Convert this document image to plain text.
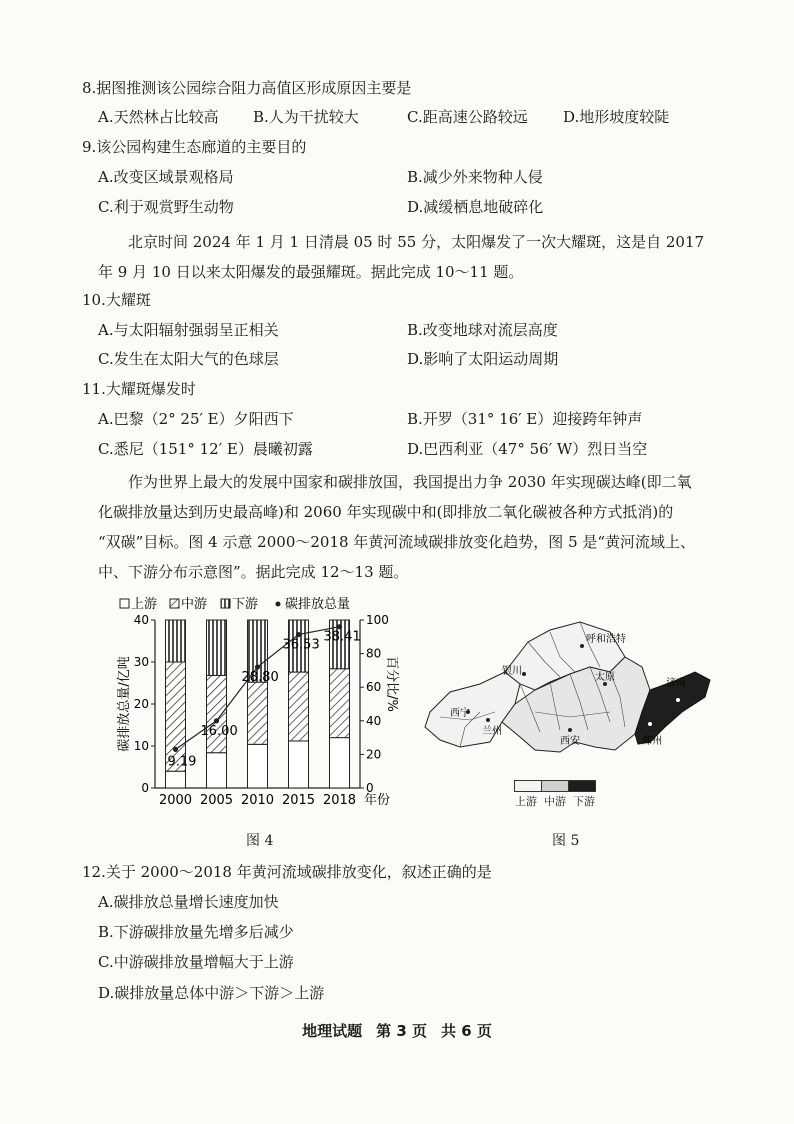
8.据图推测该公园综合阻力高值区形成原因主要是
A.天然林占比较高 B.人为干扰较大	C.距高速公路较远 D.地形坡度较陡
9.该公园构建生态廊道的主要目的
A.改变区域景观格局	B.减少外来物种人侵
C.利于观赏野生动物	D.减缓栖息地破碎化
北京时间 2024 年 1 月 1 日清晨 05 时 55 分，太阳爆发了一次大耀斑，这是自 2017
年 9 月 10 日以来太阳爆发的最强耀斑。据此完成 10～11 题。
10.大耀斑
A.与太阳辐射强弱呈正相关	B.改变地球对流层高度
C.发生在太阳大气的色球层	D.影响了太阳运动周期
11.大耀斑爆发时
A.巴黎（2° 25′ E）夕阳西下	B.开罗（31° 16′ E）迎接跨年钟声
C.悉尼（151° 12′ E）晨曦初露	D.巴西利亚（47° 56′ W）烈日当空
作为世界上最大的发展中国家和碳排放国，我国提出力争 2030 年实现碳达峰(即二氧
化碳排放量达到历史最高峰)和 2060 年实现碳中和(即排放二氧化碳被各种方式抵消)的
“双碳”目标。图 4 示意 2000～2018 年黄河流域碳排放变化趋势，图 5 是“黄河流域上、
中、下游分布示意图”。据此完成 12～13 题。
上游 中游 下游 碳排放总量
0
10
20
30
40
0
20
40
60
80
100
碳排放总量/亿吨	百分比/%
2000 2005 2010 2015 2018 年份
9.19
16.00
28.80
36.53
38.41
图 4
呼和浩特
银川
太原
济南
西宁
兰州
西安	郑州
上游 中游 下游
图 5
12.关于 2000～2018 年黄河流域碳排放变化，叙述正确的是
A.碳排放总量增长速度加快
B.下游碳排放量先增多后减少
C.中游碳排放量增幅大于上游
D.碳排放量总体中游＞下游＞上游
地理试题 第 3 页 共 6 页
